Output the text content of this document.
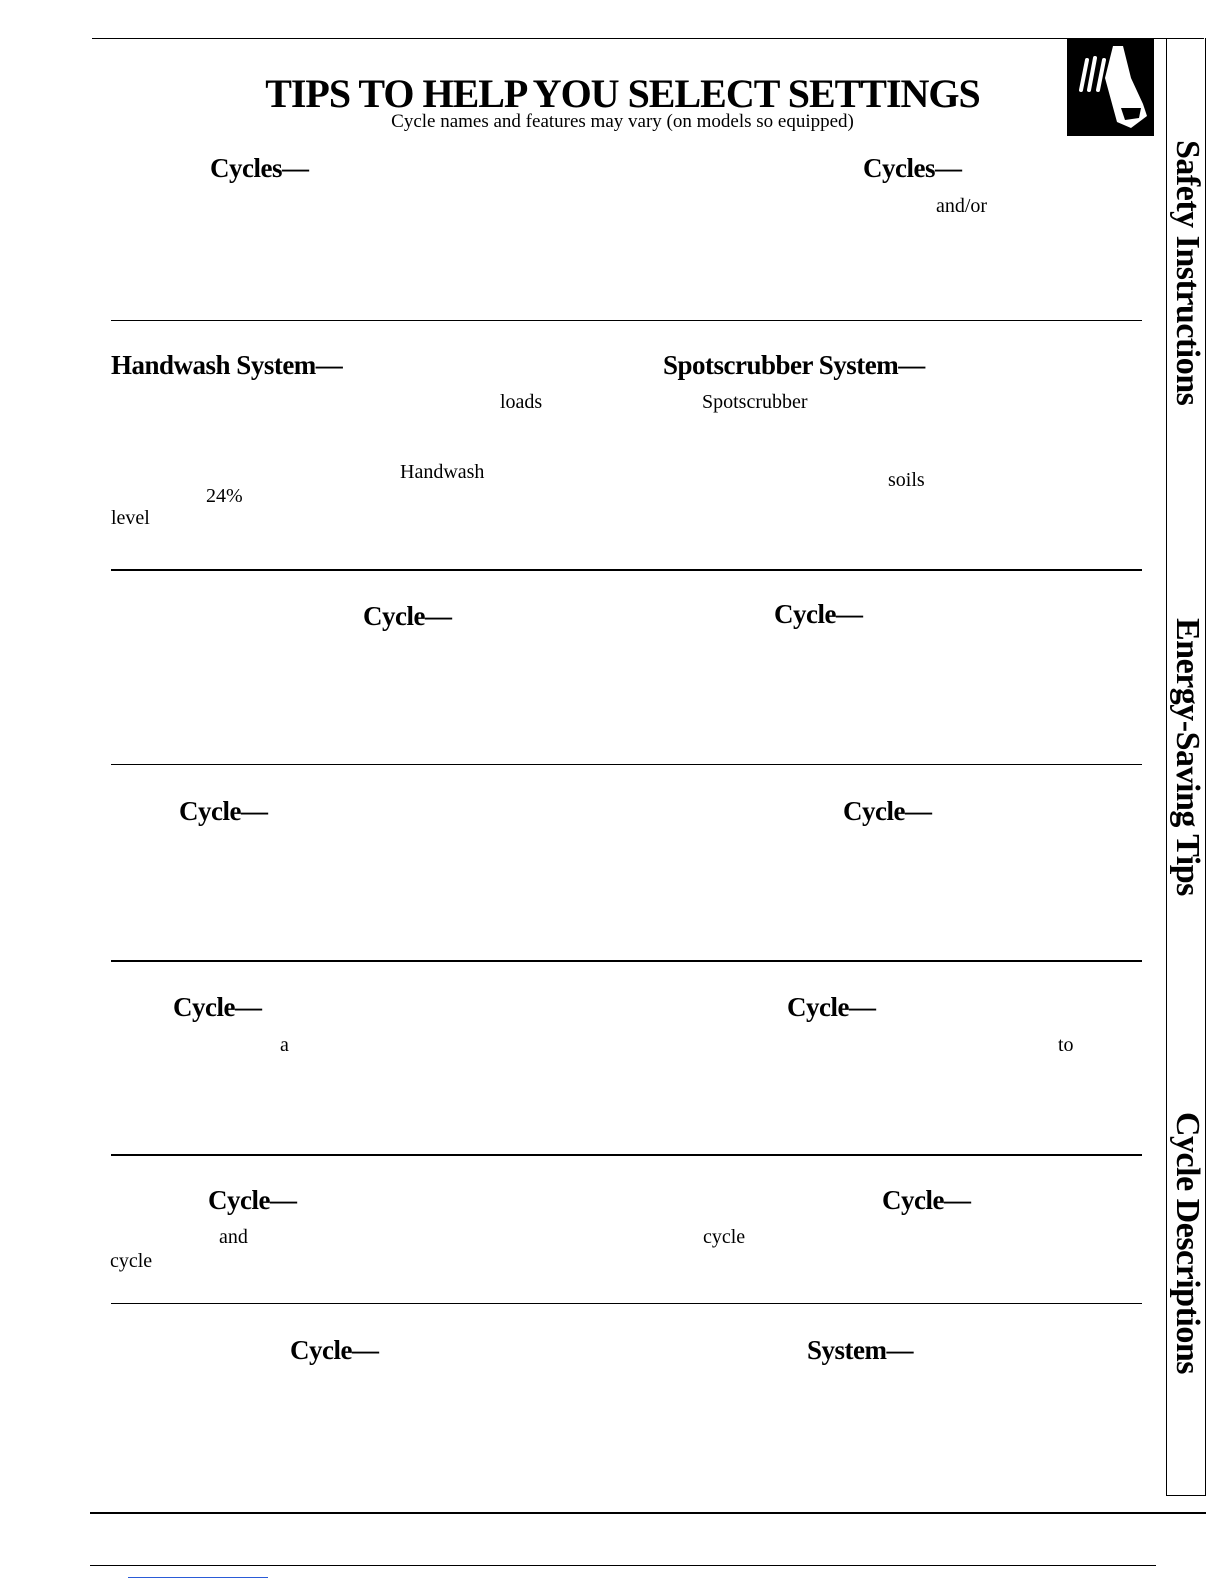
TIPS TO HELP YOU SELECT SETTINGS
Cycle names and features may vary (on models so equipped)
Safety Instructions
Energy-Saving Tips
Cycle Descriptions
Cycles—	Cycles—
and/or
Handwash System—
loads
Handwash
24%
level
Spotscrubber System—
Spotscrubber
soils
Cycle—	Cycle—
Cycle—	Cycle—
Cycle—
a
Cycle—
to
Cycle—
and
cycle
Cycle—
cycle
Cycle—	System—
